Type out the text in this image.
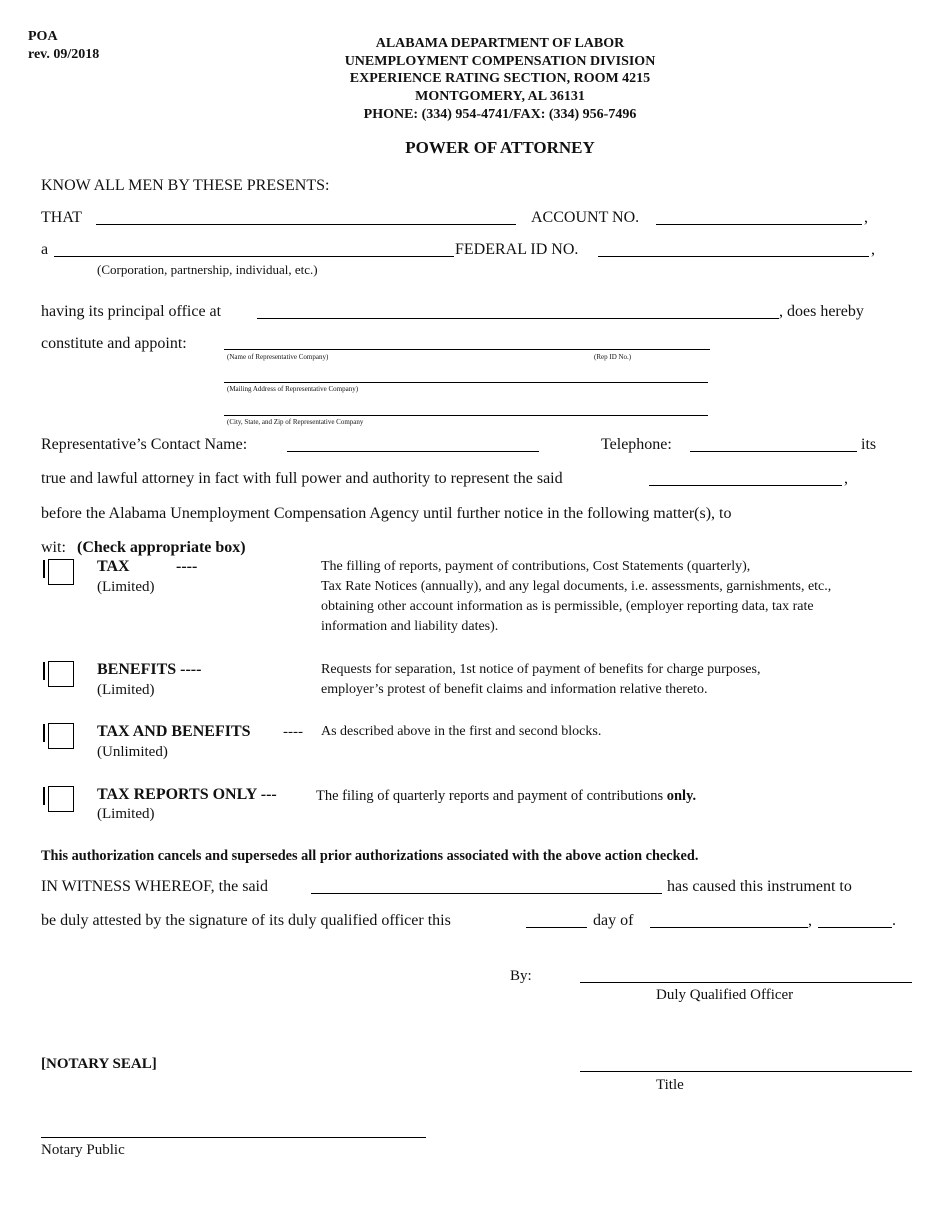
POA
rev. 09/2018
ALABAMA DEPARTMENT OF LABOR
UNEMPLOYMENT COMPENSATION DIVISION
EXPERIENCE RATING SECTION, ROOM 4215
MONTGOMERY, AL 36131
PHONE: (334) 954-4741/FAX: (334) 956-7496
POWER OF ATTORNEY
KNOW ALL MEN BY THESE PRESENTS:
THAT	ACCOUNT NO.	,
a	FEDERAL ID NO.	,
(Corporation, partnership, individual, etc.)
having its principal office at	, does hereby
constitute and appoint:
(Name of Representative Company)	(Rep ID No.)
(Mailing Address of Representative Company)
(City, State, and Zip of Representative Company
Representative’s Contact Name:	Telephone:	its
true and lawful attorney in fact with full power and authority to represent the said	,
before the Alabama Unemployment Compensation Agency until further notice in the following matter(s), to
wit: (Check appropriate box)
TAX	----
(Limited)
The filling of reports, payment of contributions, Cost Statements (quarterly),
Tax Rate Notices (annually), and any legal documents, i.e. assessments, garnishments, etc.,
obtaining other account information as is permissible, (employer reporting data, tax rate
information and liability dates).
BENEFITS ----
(Limited)
Requests for separation, 1st notice of payment of benefits for charge purposes,
employer’s protest of benefit claims and information relative thereto.
TAX AND BENEFITS ----
(Unlimited)
As described above in the first and second blocks.
TAX REPORTS ONLY ---
(Limited)
The filing of quarterly reports and payment of contributions only.
This authorization cancels and supersedes all prior authorizations associated with the above action checked.
IN WITNESS WHEREOF, the said	has caused this instrument to
be duly attested by the signature of its duly qualified officer this	day of	,	.
By:
Duly Qualified Officer
[NOTARY SEAL]
Title
Notary Public
